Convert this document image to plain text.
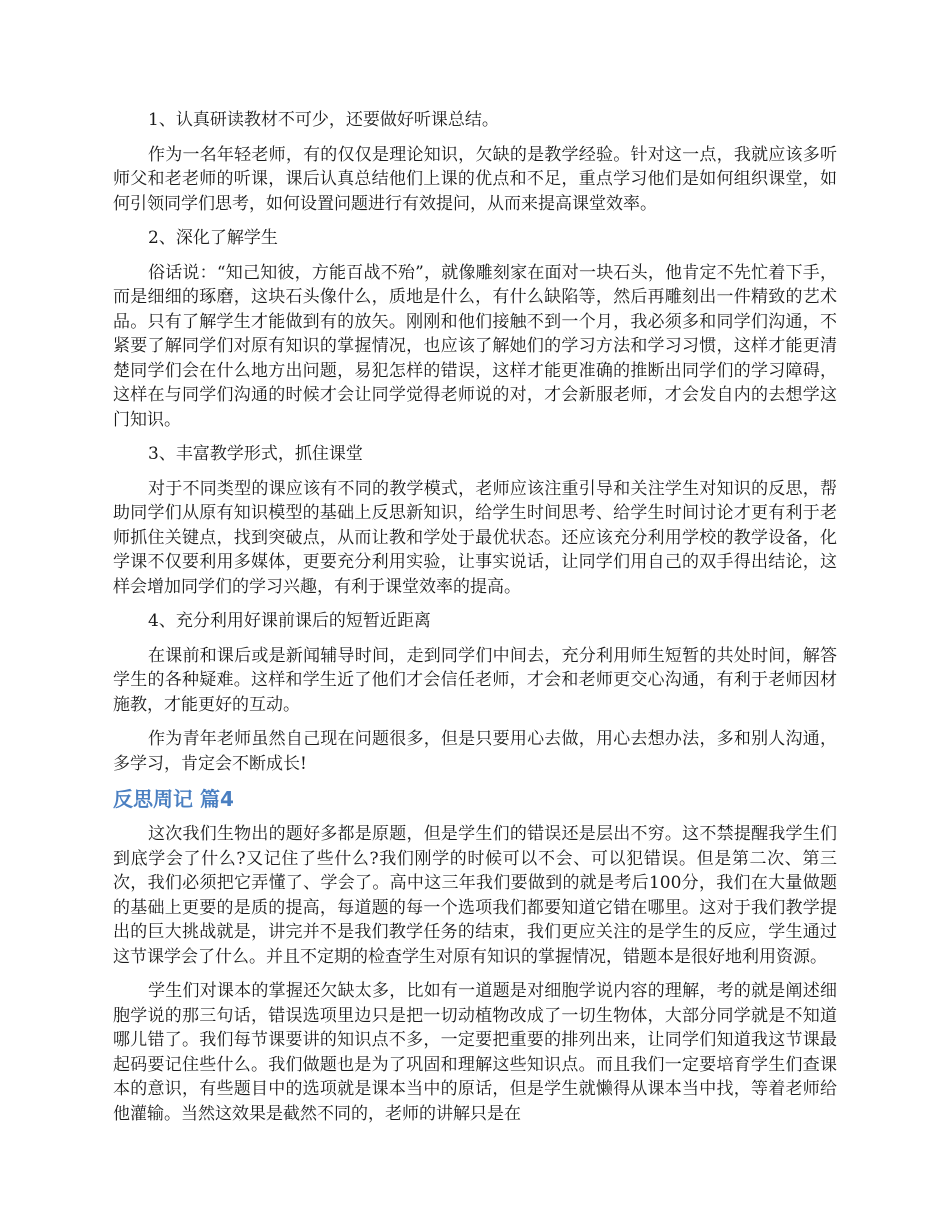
1、认真研读教材不可少，还要做好听课总结。

作为一名年轻老师，有的仅仅是理论知识，欠缺的是教学经验。针对这一点，我就应该多听师父和老老师的听课，课后认真总结他们上课的优点和不足，重点学习他们是如何组织课堂，如何引领同学们思考，如何设置问题进行有效提问，从而来提高课堂效率。

2、深化了解学生

俗话说：“知己知彼，方能百战不殆”，就像雕刻家在面对一块石头，他肯定不先忙着下手，而是细细的琢磨，这块石头像什么，质地是什么，有什么缺陷等，然后再雕刻出一件精致的艺术品。只有了解学生才能做到有的放矢。刚刚和他们接触不到一个月，我必须多和同学们沟通，不紧要了解同学们对原有知识的掌握情况，也应该了解她们的学习方法和学习习惯，这样才能更清楚同学们会在什么地方出问题，易犯怎样的错误，这样才能更准确的推断出同学们的学习障碍，这样在与同学们沟通的时候才会让同学觉得老师说的对，才会新服老师，才会发自内的去想学这门知识。

3、丰富教学形式，抓住课堂

对于不同类型的课应该有不同的教学模式，老师应该注重引导和关注学生对知识的反思，帮助同学们从原有知识模型的基础上反思新知识，给学生时间思考、给学生时间讨论才更有利于老师抓住关键点，找到突破点，从而让教和学处于最优状态。还应该充分利用学校的教学设备，化学课不仅要利用多媒体，更要充分利用实验，让事实说话，让同学们用自己的双手得出结论，这样会增加同学们的学习兴趣，有利于课堂效率的提高。

4、充分利用好课前课后的短暂近距离

在课前和课后或是新闻辅导时间，走到同学们中间去，充分利用师生短暂的共处时间，解答学生的各种疑难。这样和学生近了他们才会信任老师，才会和老师更交心沟通，有利于老师因材施教，才能更好的互动。

作为青年老师虽然自己现在问题很多，但是只要用心去做，用心去想办法，多和别人沟通，多学习，肯定会不断成长!

反思周记 篇4

这次我们生物出的题好多都是原题，但是学生们的错误还是层出不穷。这不禁提醒我学生们到底学会了什么?又记住了些什么?我们刚学的时候可以不会、可以犯错误。但是第二次、第三次，我们必须把它弄懂了、学会了。高中这三年我们要做到的就是考后100分，我们在大量做题的基础上更要的是质的提高，每道题的每一个选项我们都要知道它错在哪里。这对于我们教学提出的巨大挑战就是，讲完并不是我们教学任务的结束，我们更应关注的是学生的反应，学生通过这节课学会了什么。并且不定期的检查学生对原有知识的掌握情况，错题本是很好地利用资源。

学生们对课本的掌握还欠缺太多，比如有一道题是对细胞学说内容的理解，考的就是阐述细胞学说的那三句话，错误选项里边只是把一切动植物改成了一切生物体，大部分同学就是不知道哪儿错了。我们每节课要讲的知识点不多，一定要把重要的排列出来，让同学们知道我这节课最起码要记住些什么。我们做题也是为了巩固和理解这些知识点。而且我们一定要培育学生们查课本的意识，有些题目中的选项就是课本当中的原话，但是学生就懒得从课本当中找，等着老师给他灌输。当然这效果是截然不同的，老师的讲解只是在
